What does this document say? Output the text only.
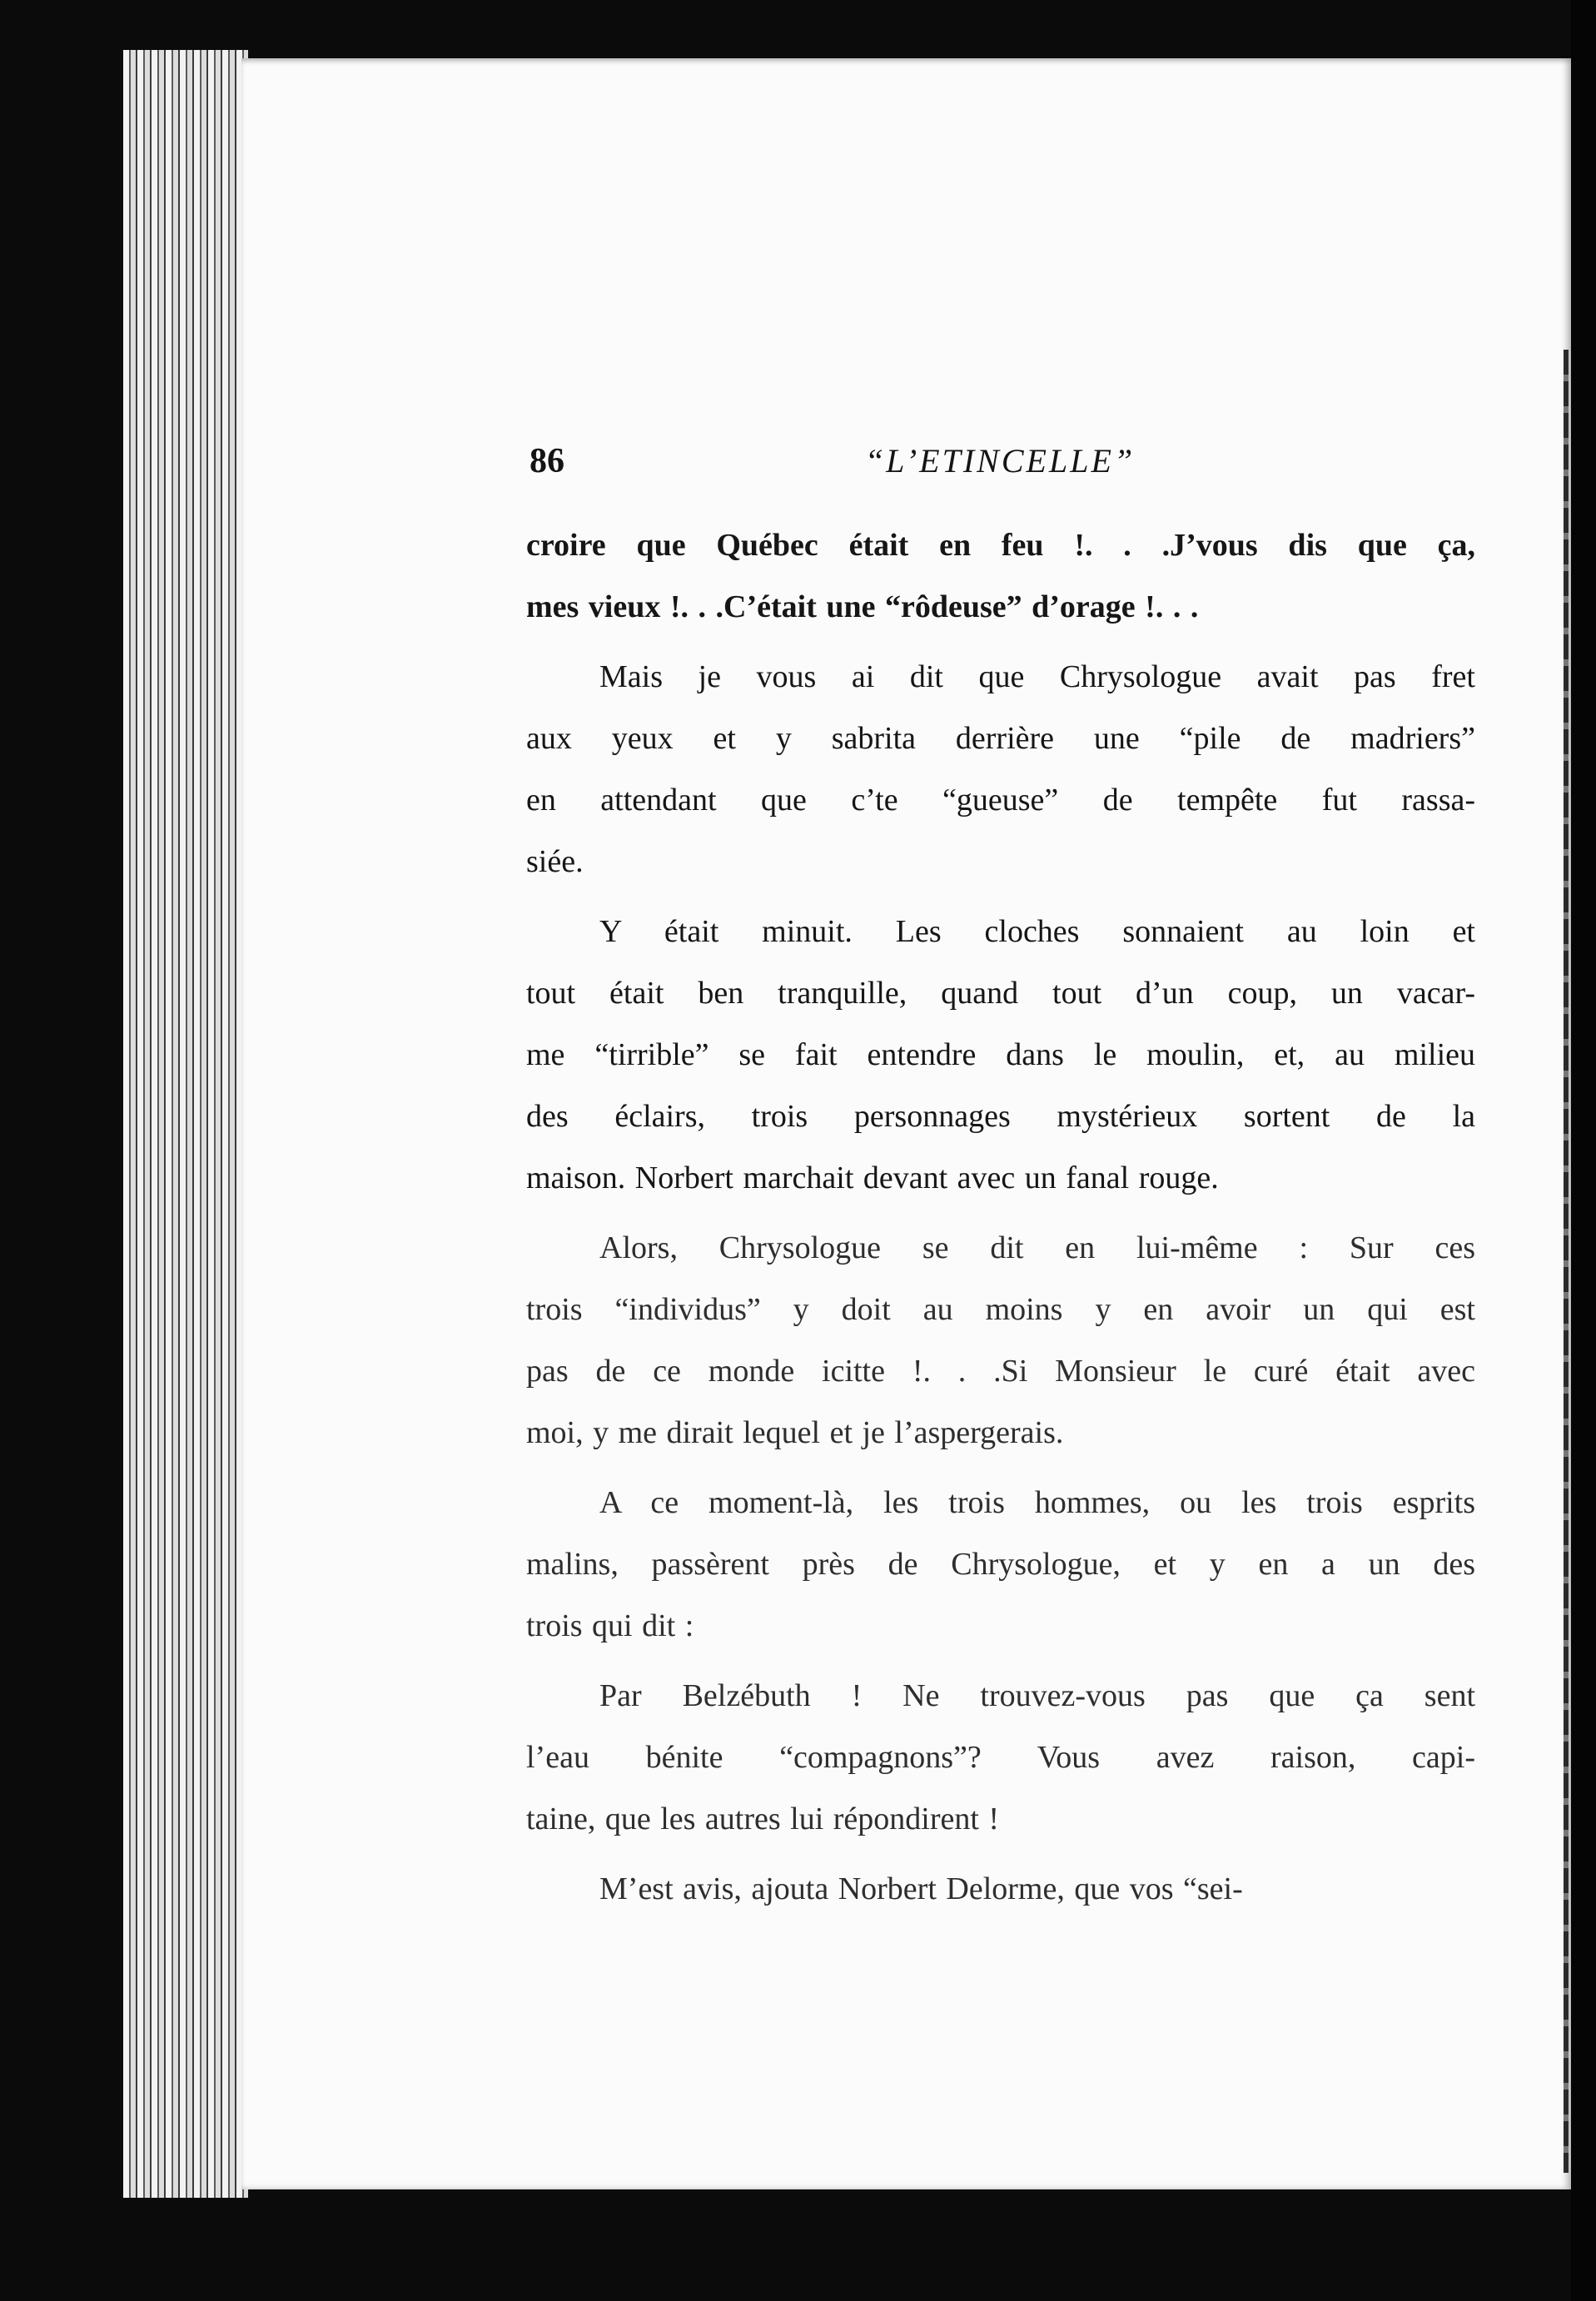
86	“L’ETINCELLE”
croire que Québec était en feu !. . .J’vous dis que ça,
mes vieux !. . .C’était une “rôdeuse” d’orage !. . .
Mais je vous ai dit que Chrysologue avait pas fret
aux yeux et y sabrita derrière une “pile de madriers”
en attendant que c’te “gueuse” de tempête fut rassa-
siée.
Y était minuit. Les cloches sonnaient au loin et
tout était ben tranquille, quand tout d’un coup, un vacar-
me “tirrible” se fait entendre dans le moulin, et, au milieu
des éclairs, trois personnages mystérieux sortent de la
maison. Norbert marchait devant avec un fanal rouge.
Alors, Chrysologue se dit en lui-même : Sur ces
trois “individus” y doit au moins y en avoir un qui est
pas de ce monde icitte !. . .Si Monsieur le curé était avec
moi, y me dirait lequel et je l’aspergerais.
A ce moment-là, les trois hommes, ou les trois esprits
malins, passèrent près de Chrysologue, et y en a un des
trois qui dit :
Par Belzébuth ! Ne trouvez-vous pas que ça sent
l’eau bénite “compagnons”? Vous avez raison, capi-
taine, que les autres lui répondirent !
M’est avis, ajouta Norbert Delorme, que vos “sei-
